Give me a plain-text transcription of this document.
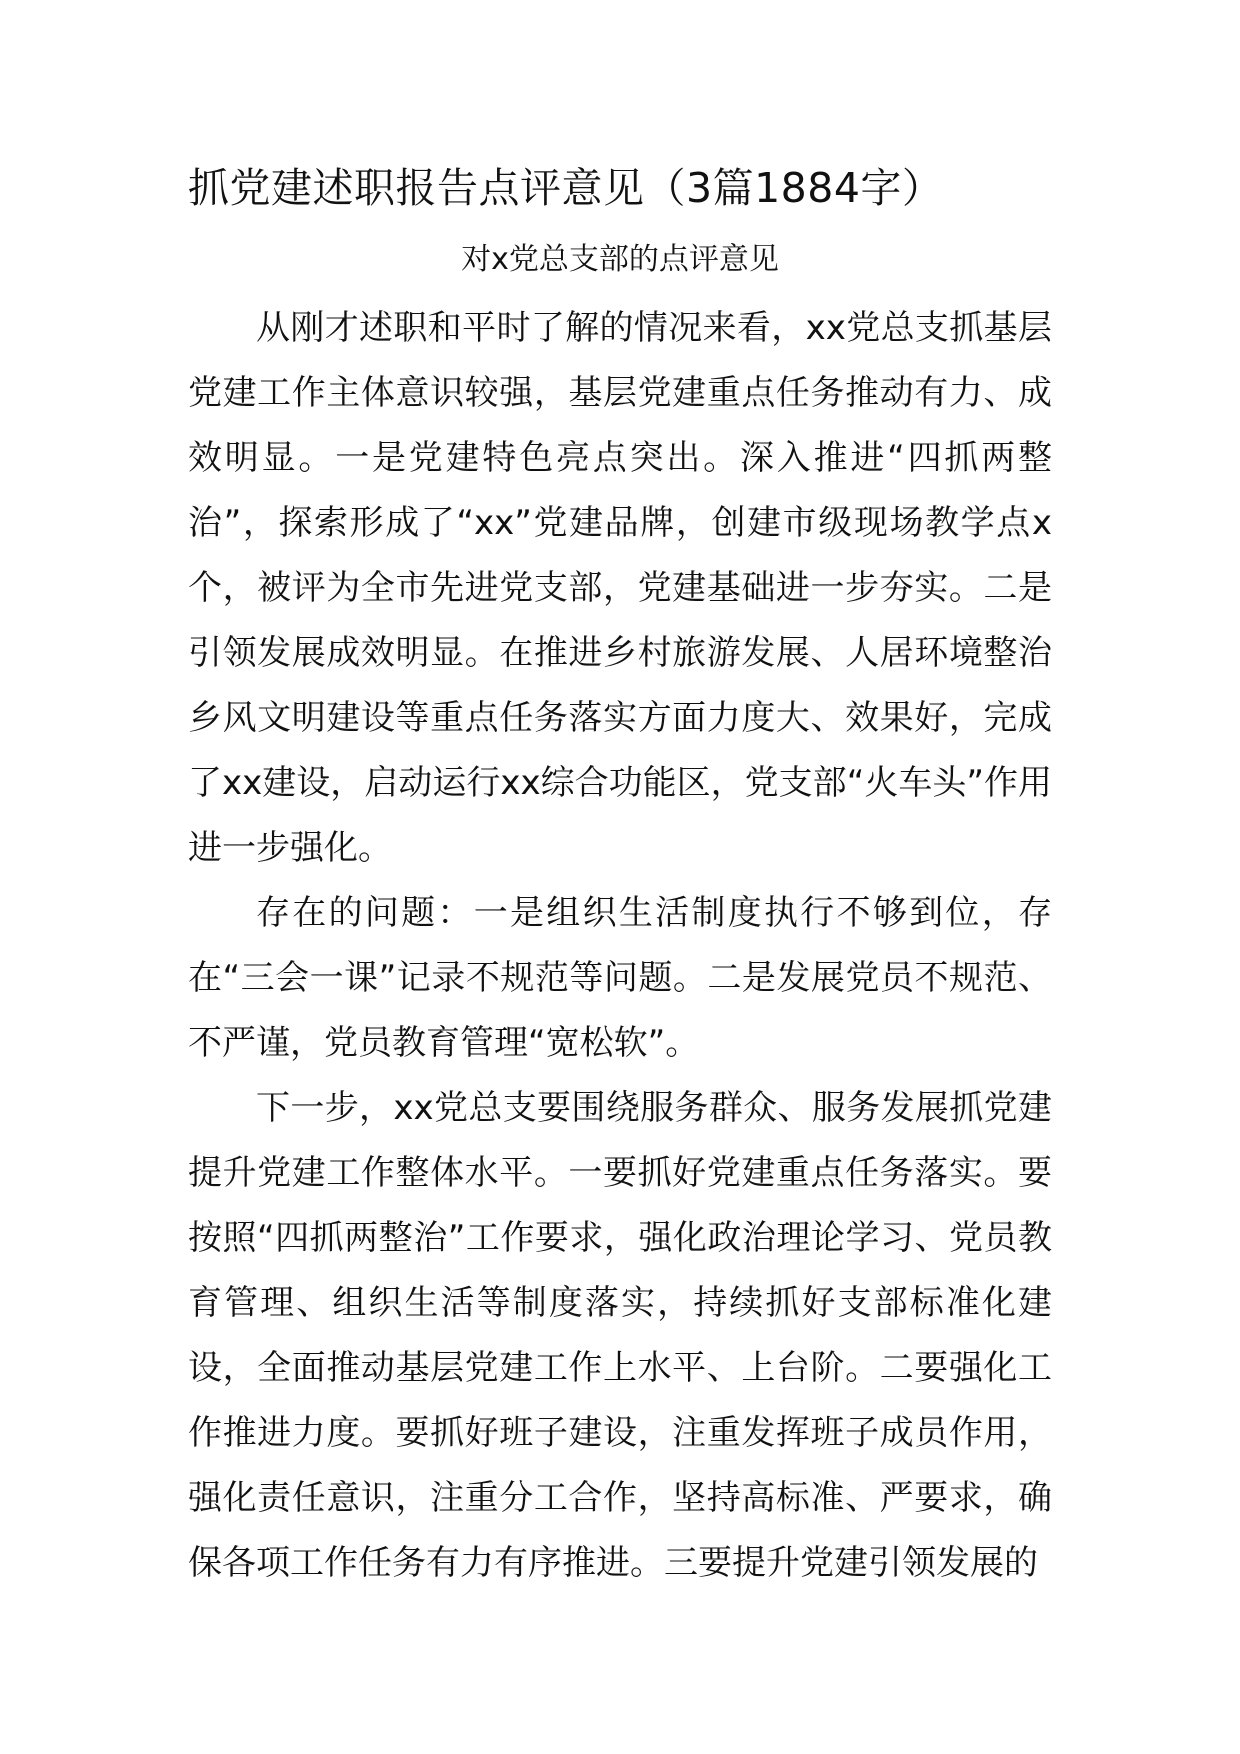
抓党建述职报告点评意见（3篇1884字）
对x党总支部的点评意见

从刚才述职和平时了解的情况来看，xx党总支抓基层党建工作主体意识较强，基层党建重点任务推动有力、成效明显。一是党建特色亮点突出。深入推进“四抓两整治”，探索形成了“xx”党建品牌，创建市级现场教学点x个，被评为全市先进党支部，党建基础进一步夯实。二是引领发展成效明显。在推进乡村旅游发展、人居环境整治乡风文明建设等重点任务落实方面力度大、效果好，完成了xx建设，启动运行xx综合功能区，党支部“火车头”作用进一步强化。

存在的问题：一是组织生活制度执行不够到位，存在“三会一课”记录不规范等问题。二是发展党员不规范、不严谨，党员教育管理“宽松软”。

下一步，xx党总支要围绕服务群众、服务发展抓党建提升党建工作整体水平。一要抓好党建重点任务落实。要按照“四抓两整治”工作要求，强化政治理论学习、党员教育管理、组织生活等制度落实，持续抓好支部标准化建设，全面推动基层党建工作上水平、上台阶。二要强化工作推进力度。要抓好班子建设，注重发挥班子成员作用，强化责任意识，注重分工合作，坚持高标准、严要求，确保各项工作任务有力有序推进。三要提升党建引领发展的
